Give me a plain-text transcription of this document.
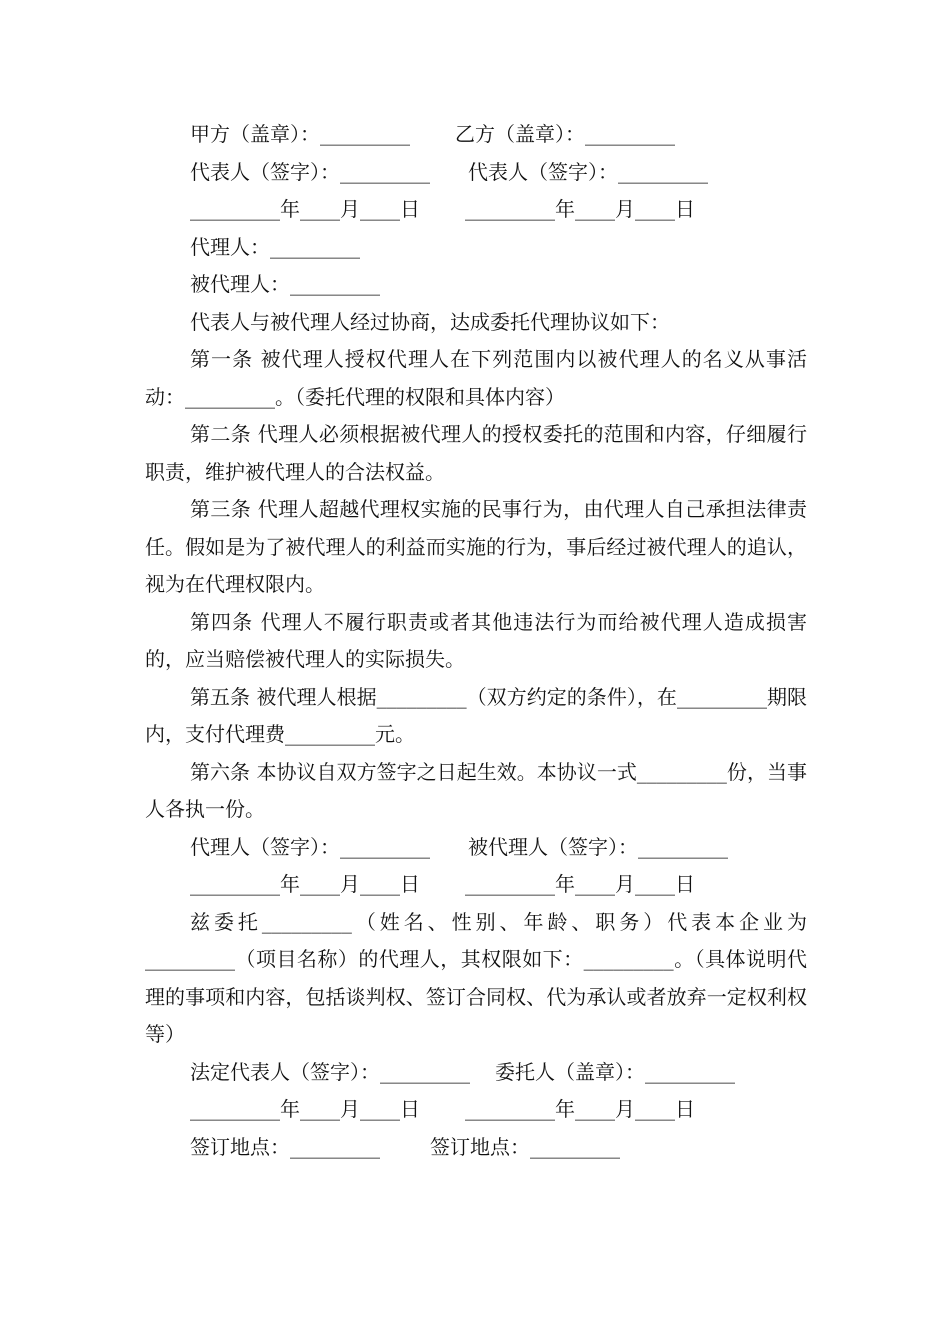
甲方（盖章）：_________ 乙方（盖章）：_________
代表人（签字）：_________ 代表人（签字）：_________
_________年____月____日 _________年____月____日
代理人：_________
被代理人：_________
代表人与被代理人经过协商，达成委托代理协议如下：
第一条 被代理人授权代理人在下列范围内以被代理人的名义从事活动：_________。（委托代理的权限和具体内容）
第二条 代理人必须根据被代理人的授权委托的范围和内容，仔细履行职责，维护被代理人的合法权益。
第三条 代理人超越代理权实施的民事行为，由代理人自己承担法律责任。假如是为了被代理人的利益而实施的行为，事后经过被代理人的追认，视为在代理权限内。
第四条 代理人不履行职责或者其他违法行为而给被代理人造成损害的，应当赔偿被代理人的实际损失。
第五条 被代理人根据_________（双方约定的条件），在_________期限内，支付代理费_________元。
第六条 本协议自双方签字之日起生效。本协议一式_________份，当事人各执一份。
代理人（签字）：_________ 被代理人（签字）：_________
_________年____月____日 _________年____月____日
兹委托_________（姓名、性别、年龄、职务）代表本企业为_________（项目名称）的代理人，其权限如下：_________。（具体说明代理的事项和内容，包括谈判权、签订合同权、代为承认或者放弃一定权利权等）
法定代表人（签字）：_________ 委托人（盖章）：_________
_________年____月____日 _________年____月____日
签订地点：_________	签订地点：_________
